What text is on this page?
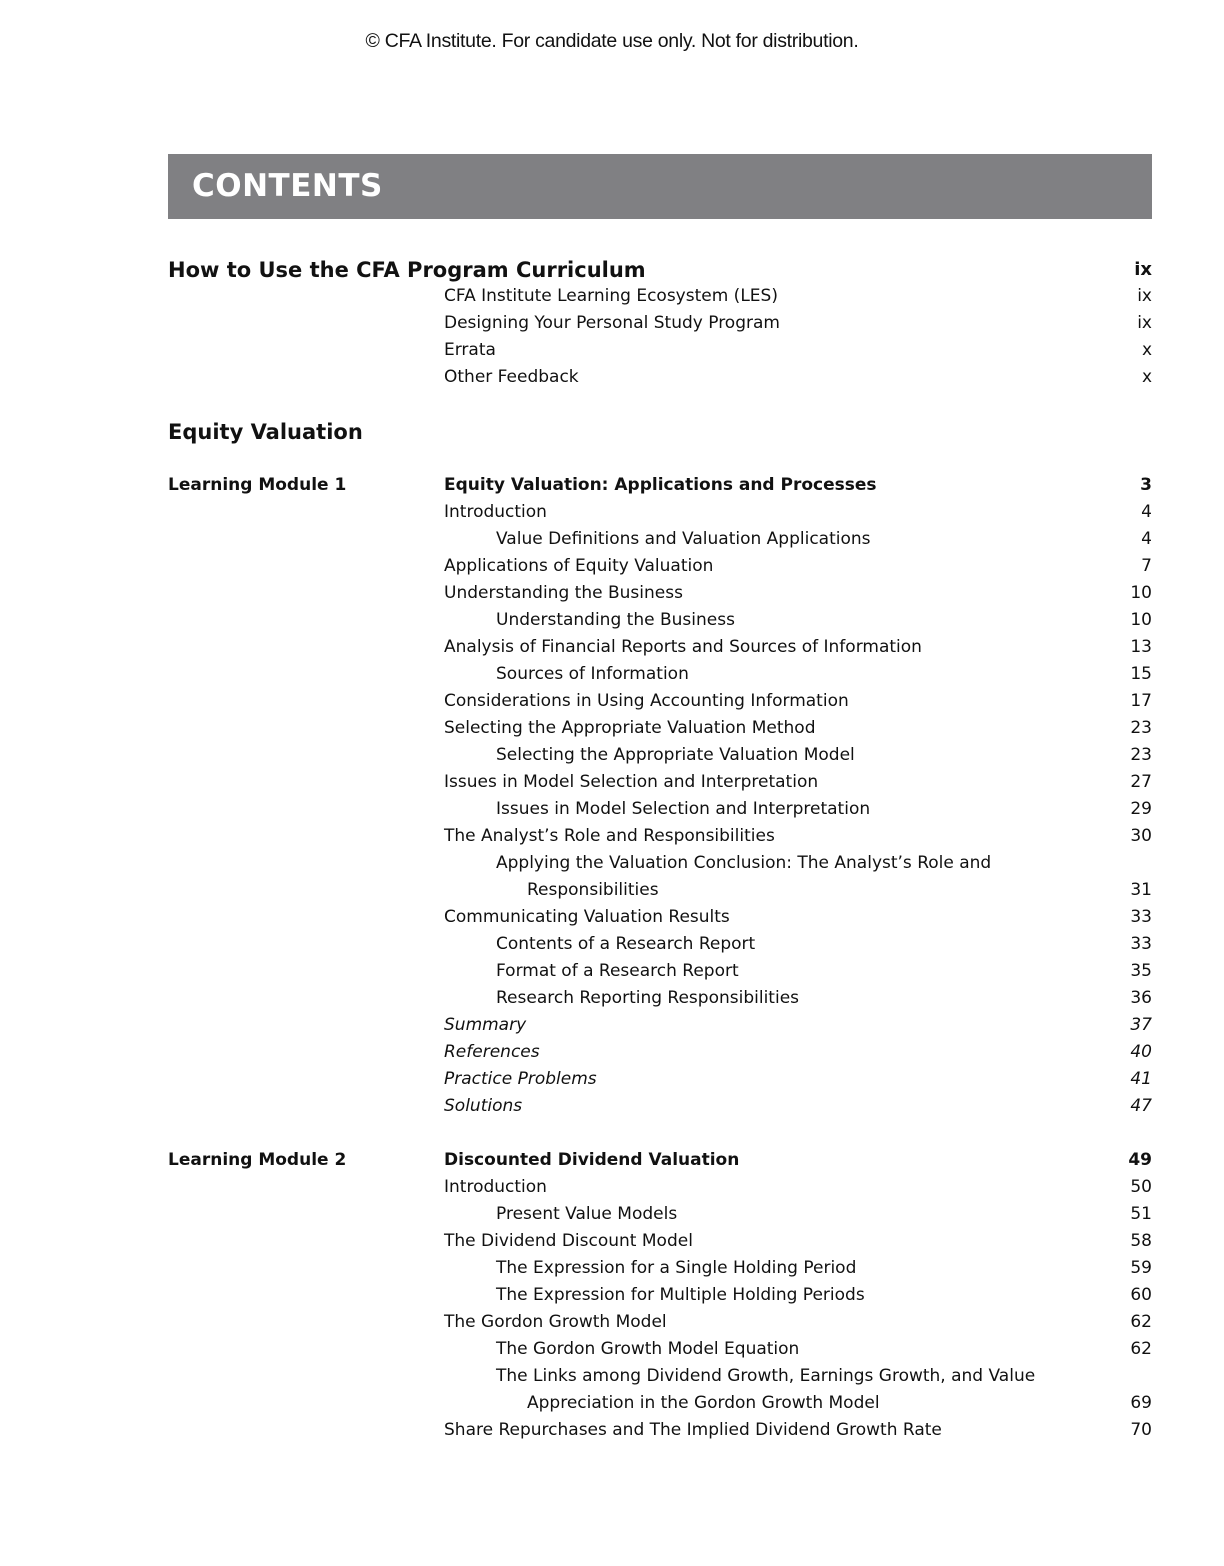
© CFA Institute. For candidate use only. Not for distribution.
CONTENTS
How to Use the CFA Program Curriculum	ix
CFA Institute Learning Ecosystem (LES)	ix
Designing Your Personal Study Program	ix
Errata	x
Other Feedback	x
Equity Valuation
Learning Module 1	Equity Valuation: Applications and Processes	3
Introduction	4
Value Definitions and Valuation Applications	4
Applications of Equity Valuation	7
Understanding the Business	10
Understanding the Business	10
Analysis of Financial Reports and Sources of Information	13
Sources of Information	15
Considerations in Using Accounting Information	17
Selecting the Appropriate Valuation Method	23
Selecting the Appropriate Valuation Model	23
Issues in Model Selection and Interpretation	27
Issues in Model Selection and Interpretation	29
The Analyst’s Role and Responsibilities	30
Applying the Valuation Conclusion: The Analyst’s Role and
Responsibilities	31
Communicating Valuation Results	33
Contents of a Research Report	33
Format of a Research Report	35
Research Reporting Responsibilities	36
Summary	37
References	40
Practice Problems	41
Solutions	47
Learning Module 2	Discounted Dividend Valuation	49
Introduction	50
Present Value Models	51
The Dividend Discount Model	58
The Expression for a Single Holding Period	59
The Expression for Multiple Holding Periods	60
The Gordon Growth Model	62
The Gordon Growth Model Equation	62
The Links among Dividend Growth, Earnings Growth, and Value
Appreciation in the Gordon Growth Model	69
Share Repurchases and The Implied Dividend Growth Rate	70
